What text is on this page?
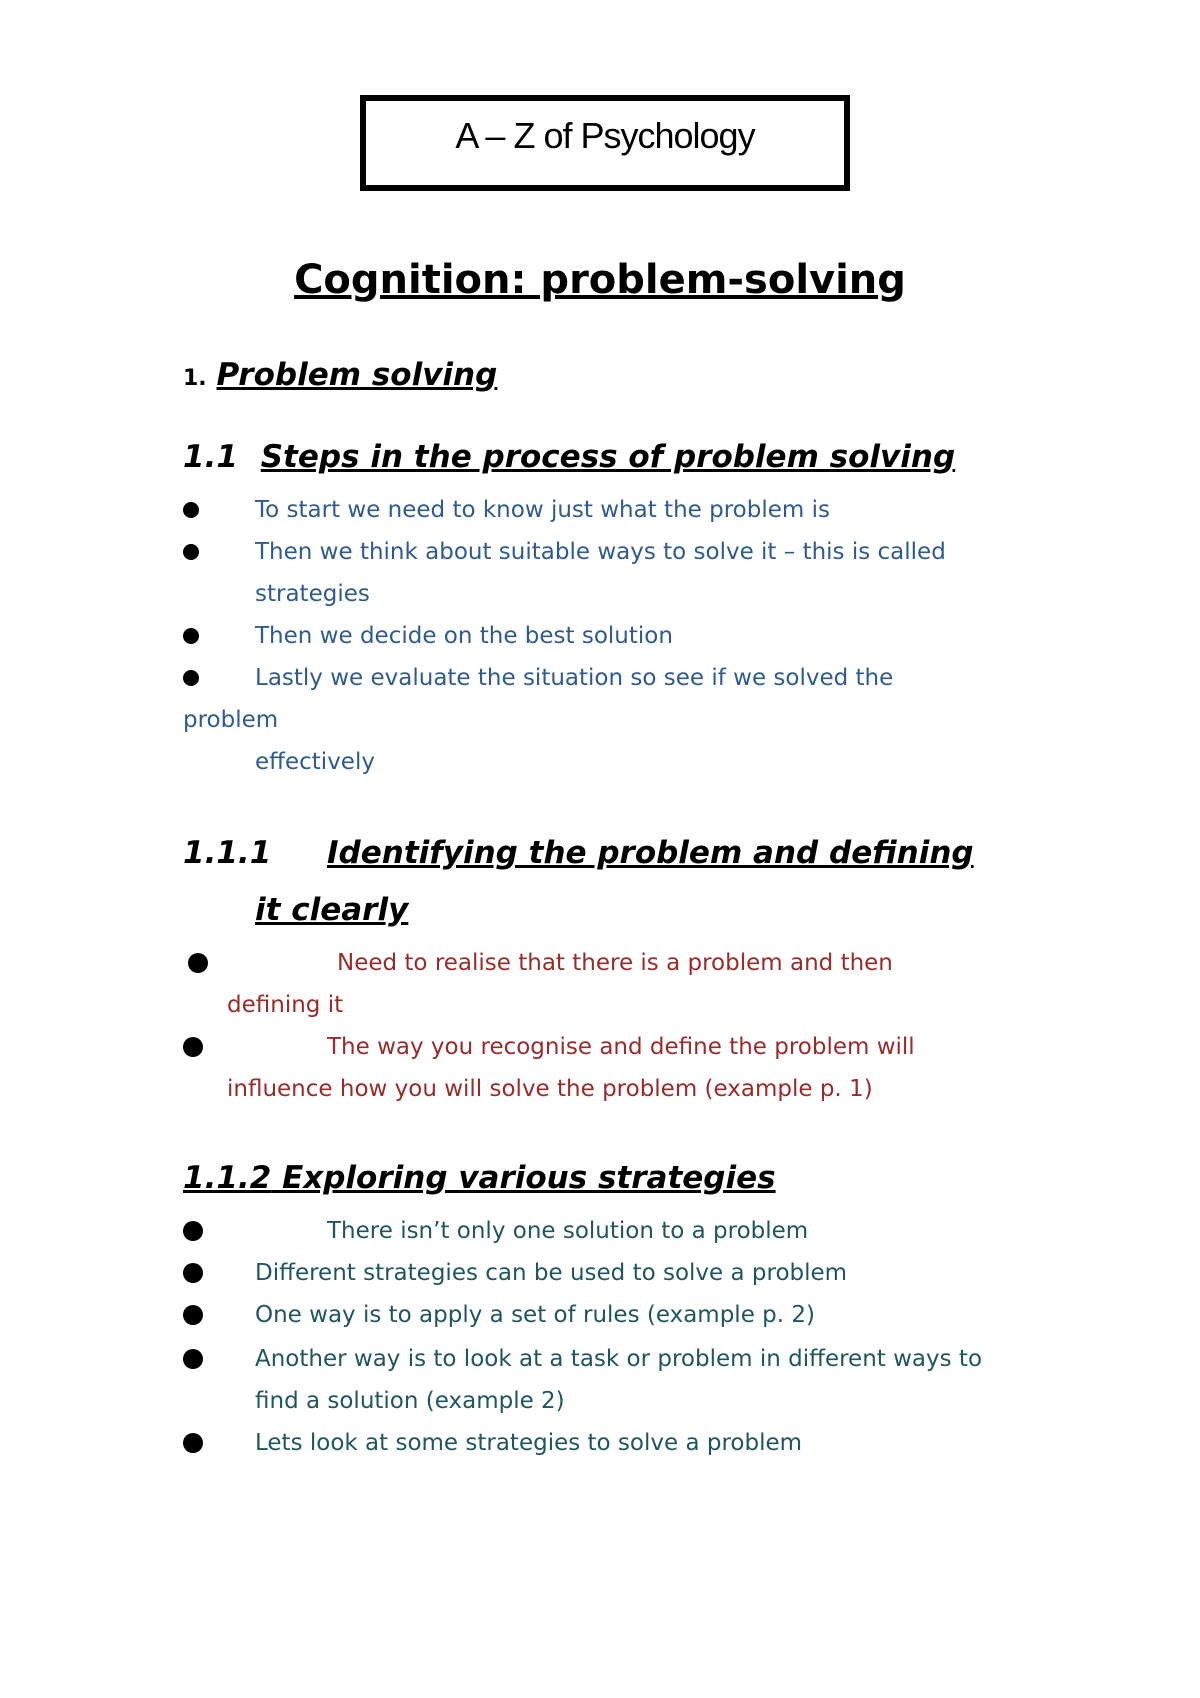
A – Z of Psychology
Cognition: problem-solving
1. Problem solving
1.1 Steps in the process of problem solving
To start we need to know just what the problem is
Then we think about suitable ways to solve it – this is called
strategies
Then we decide on the best solution
Lastly we evaluate the situation so see if we solved the
problem
effectively
1.1.1 Identifying the problem and defining
it clearly
Need to realise that there is a problem and then
defining it
The way you recognise and define the problem will
influence how you will solve the problem (example p. 1)
1.1.2 Exploring various strategies
There isn’t only one solution to a problem
Different strategies can be used to solve a problem
One way is to apply a set of rules (example p. 2)
Another way is to look at a task or problem in different ways to
find a solution (example 2)
Lets look at some strategies to solve a problem
